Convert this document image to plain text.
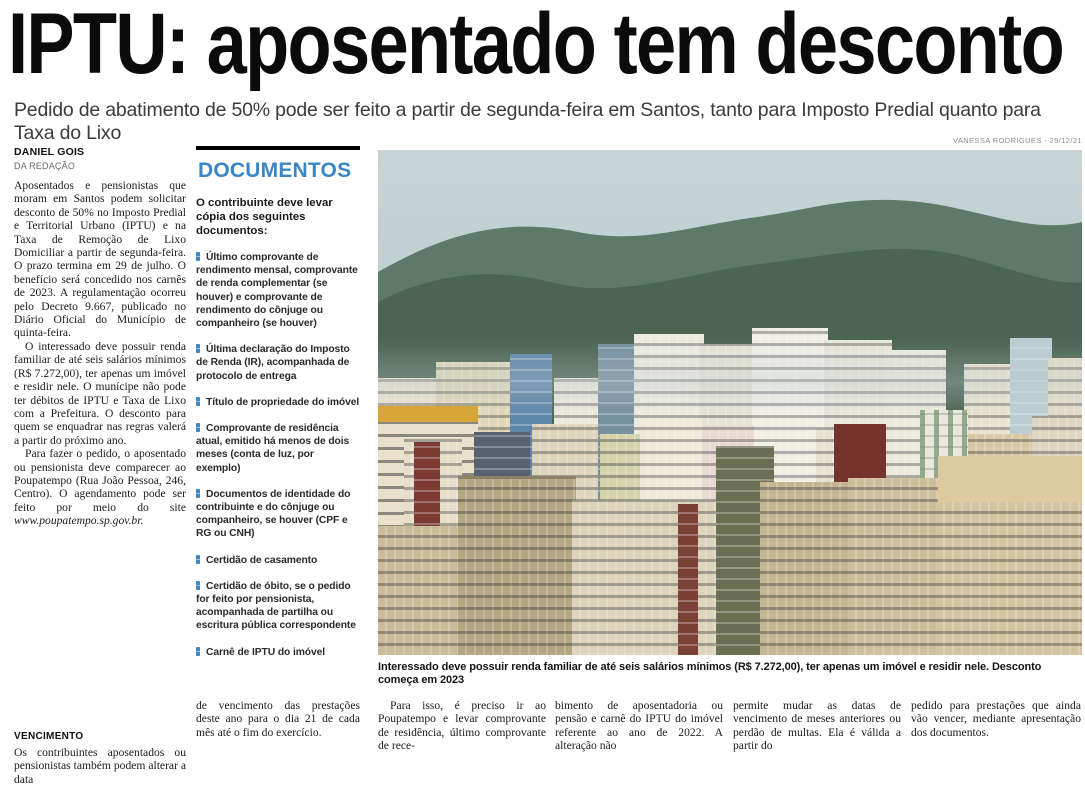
IPTU: aposentado tem desconto
Pedido de abatimento de 50% pode ser feito a partir de segunda-feira em Santos, tanto para Imposto Predial quanto para Taxa do Lixo
DANIEL GOIS
DA REDAÇÃO

Aposentados e pensionistas que moram em Santos podem solicitar desconto de 50% no Imposto Predial e Territorial Urbano (IPTU) e na Taxa de Remoção de Lixo Domiciliar a partir de segunda-feira. O prazo termina em 29 de julho. O benefício será concedido nos carnês de 2023. A regulamentação ocorreu pelo Decreto 9.667, publicado no Diário Oficial do Município de quinta-feira.

O interessado deve possuir renda familiar de até seis salários mínimos (R$ 7.272,00), ter apenas um imóvel e residir nele. O munícipe não pode ter débitos de IPTU e Taxa de Lixo com a Prefeitura. O desconto para quem se enquadrar nas regras valerá a partir do próximo ano.

Para fazer o pedido, o aposentado ou pensionista deve comparecer ao Poupatempo (Rua João Pessoa, 246, Centro). O agendamento pode ser feito por meio do site www.poupatempo.sp.gov.br.

DOCUMENTOS
O contribuinte deve levar cópia dos seguintes documentos:
Último comprovante de rendimento mensal, comprovante de renda complementar (se houver) e comprovante de rendimento do cônjuge ou companheiro (se houver)
Última declaração do Imposto de Renda (IR), acompanhada de protocolo de entrega
Título de propriedade do imóvel
Comprovante de residência atual, emitido há menos de dois meses (conta de luz, por exemplo)
Documentos de identidade do contribuinte e do cônjuge ou companheiro, se houver (CPF e RG ou CNH)
Certidão de casamento
Certidão de óbito, se o pedido for feito por pensionista, acompanhada de partilha ou escritura pública correspondente
Carnê de IPTU do imóvel
VANESSA RODRIGUES - 29/12/21
Interessado deve possuir renda familiar de até seis salários mínimos (R$ 7.272,00), ter apenas um imóvel e residir nele. Desconto começa em 2023
VENCIMENTO
Os contribuintes aposentados ou pensionistas também podem alterar a data
de vencimento das prestações deste ano para o dia 21 de cada mês até o fim do exercício.
Para isso, é preciso ir ao Poupatempo e levar comprovante de residência, último comprovante de rece-
bimento de aposentadoria ou pensão e carnê do IPTU do imóvel referente ao ano de 2022. A alteração não
permite mudar as datas de vencimento de meses anteriores ou perdão de multas. Ela é válida a partir do
pedido para prestações que ainda vão vencer, mediante apresentação dos documentos.
